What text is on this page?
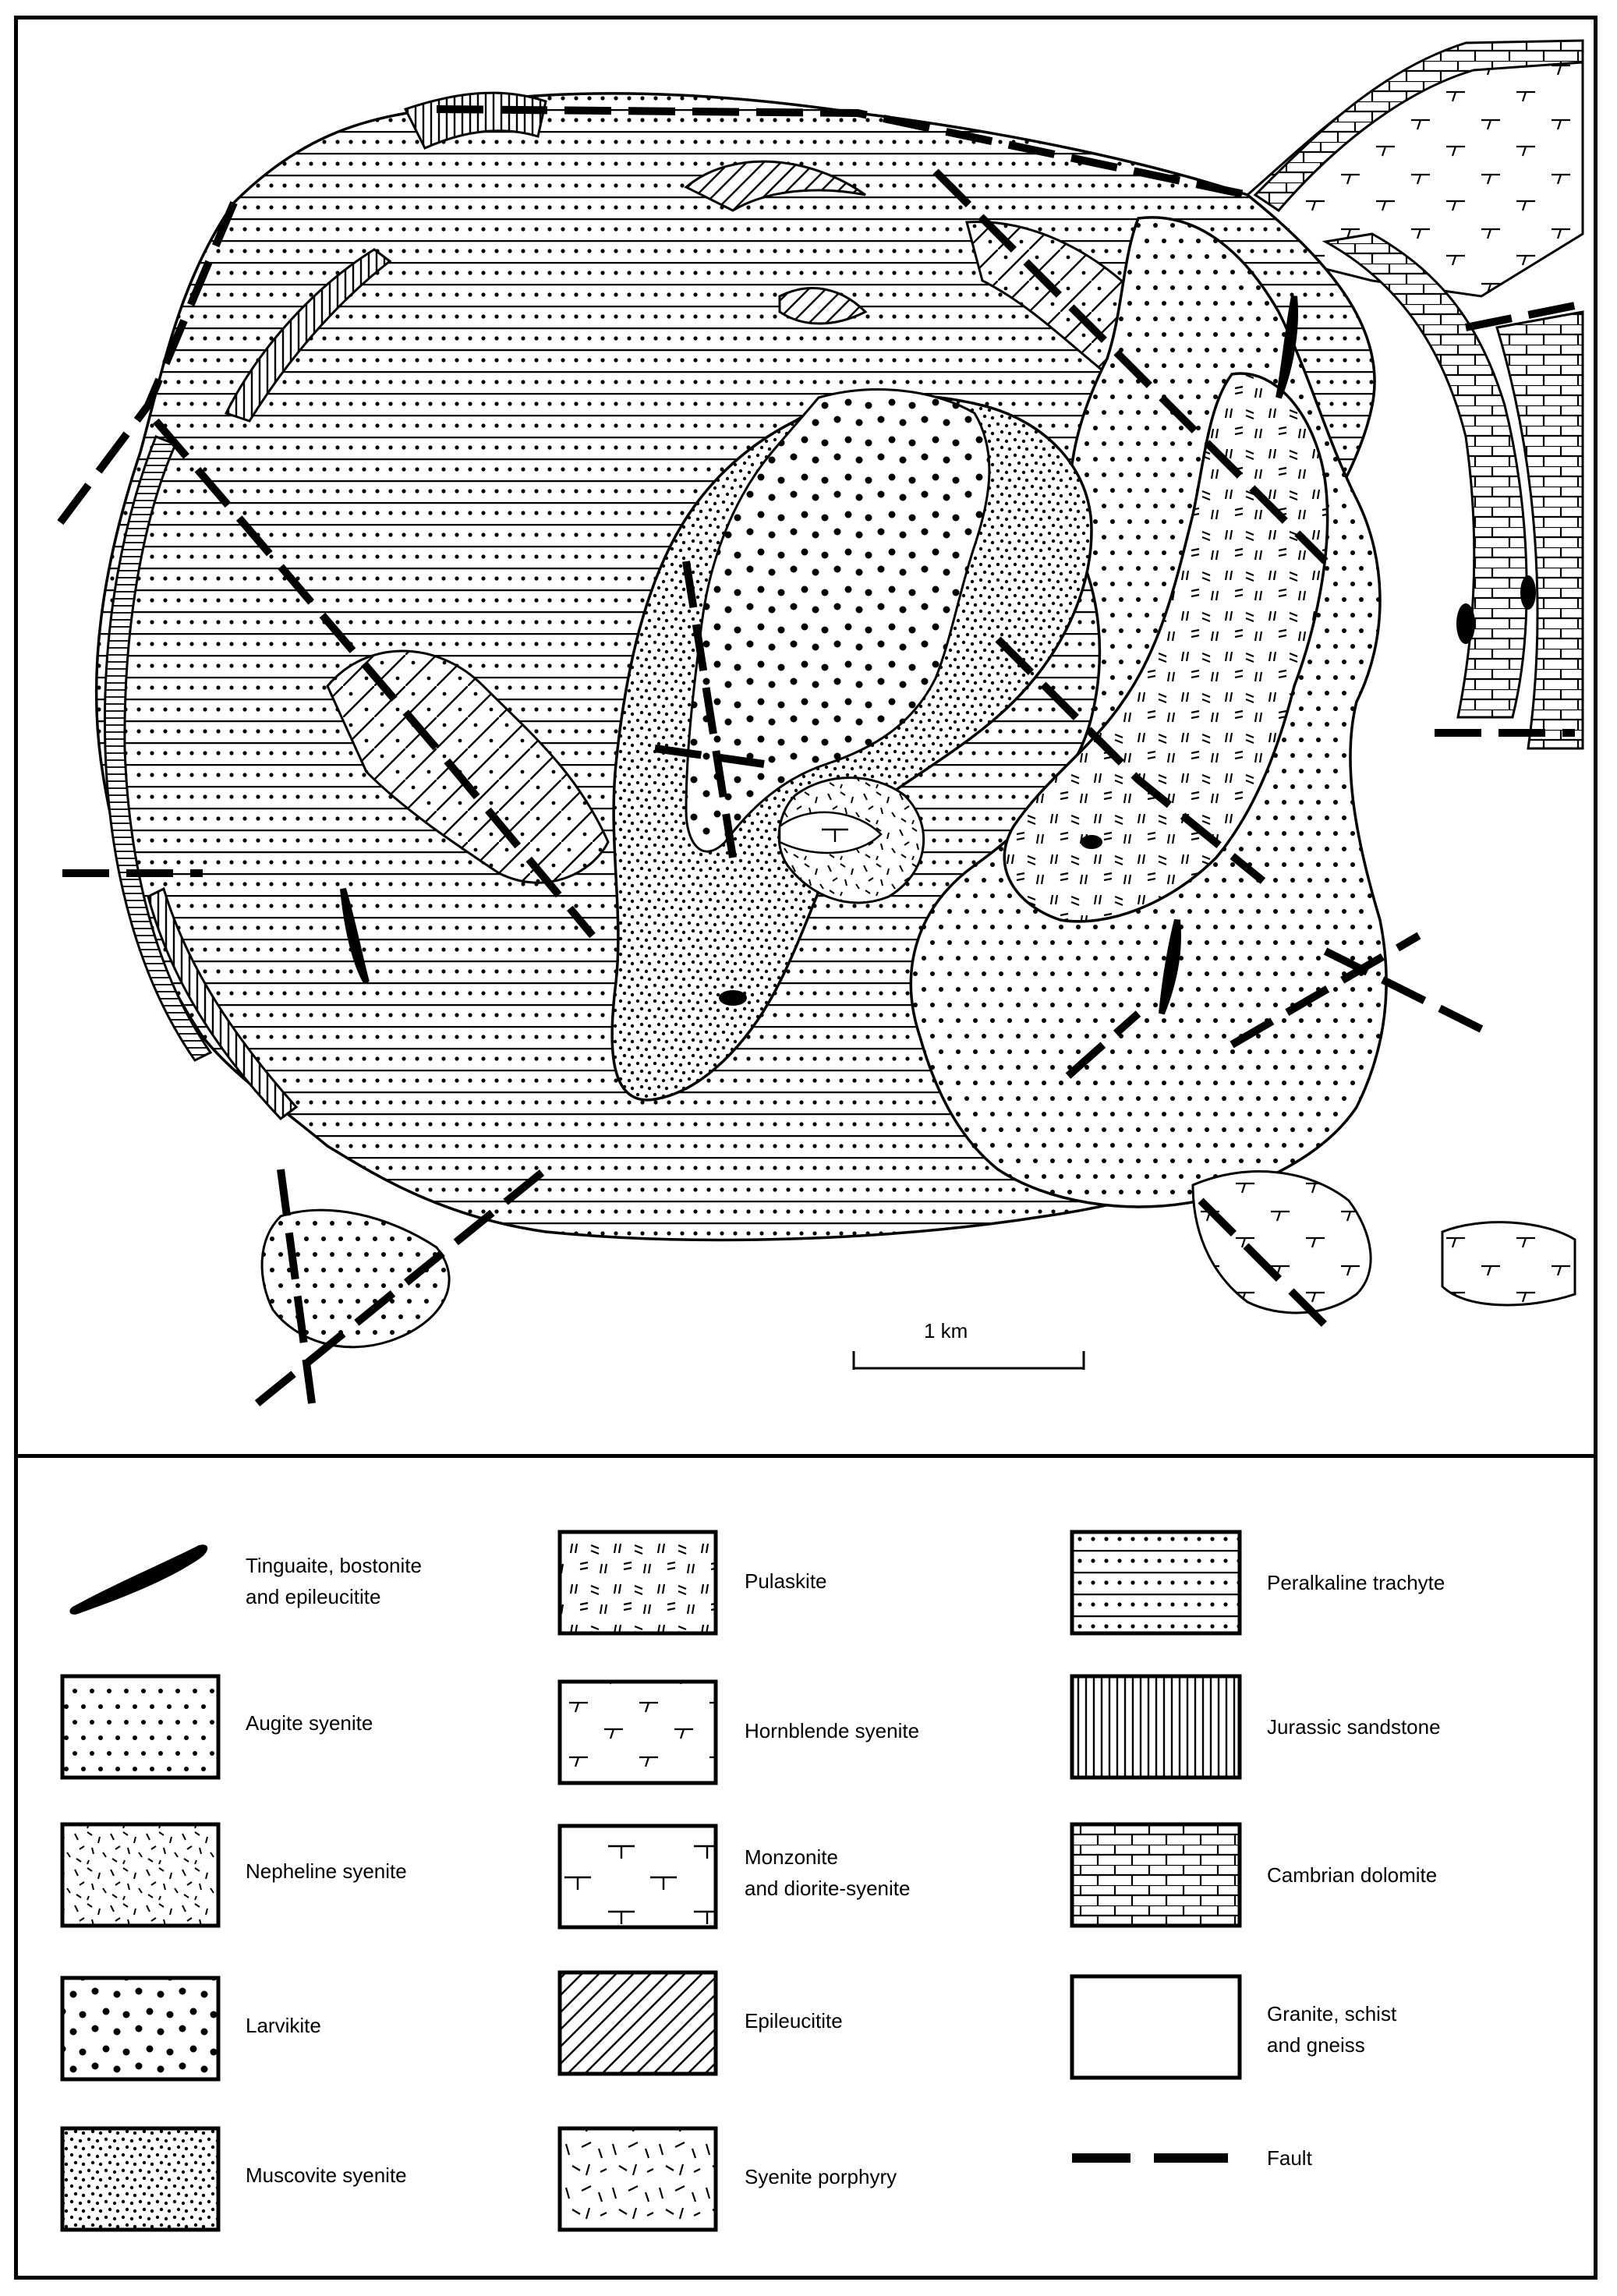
1 km
Tinguaite, bostonite
and epileucitite
Augite syenite
Nepheline syenite
Larvikite
Muscovite syenite
Pulaskite
Hornblende syenite
Monzonite
and diorite-syenite
Epileucitite
Syenite porphyry
Peralkaline trachyte
Jurassic sandstone
Cambrian dolomite
Granite, schist
and gneiss
Fault
